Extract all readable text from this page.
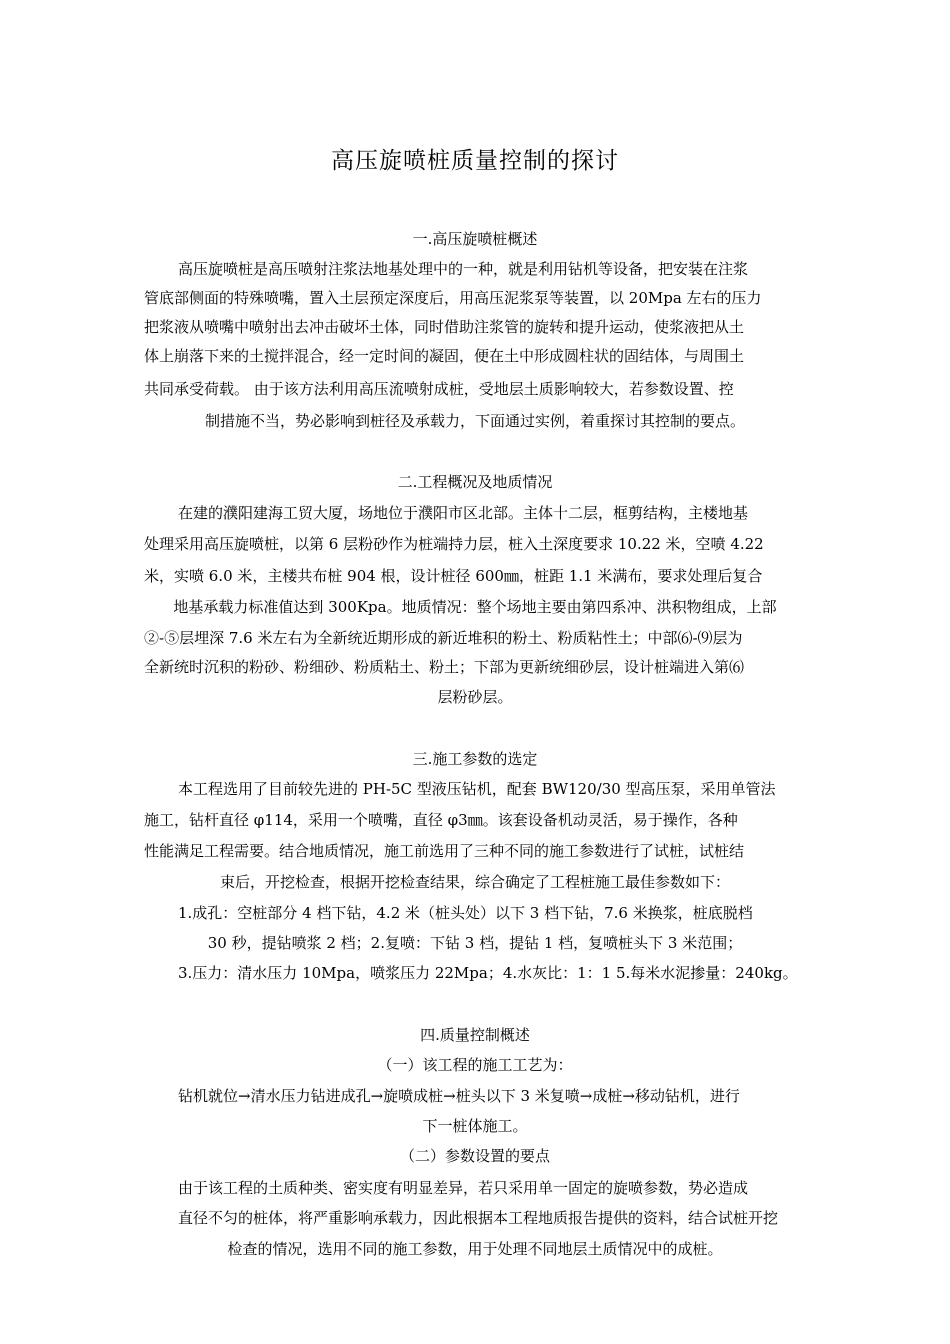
高压旋喷桩质量控制的探讨
一.高压旋喷桩概述
高压旋喷桩是高压喷射注浆法地基处理中的一种，就是利用钻机等设备，把安装在注浆
管底部侧面的特殊喷嘴，置入土层预定深度后，用高压泥浆泵等装置，以 20Mpa 左右的压力
把浆液从喷嘴中喷射出去冲击破坏土体，同时借助注浆管的旋转和提升运动，使浆液把从土
体上崩落下来的土搅拌混合，经一定时间的凝固，便在土中形成圆柱状的固结体，与周围土
共同承受荷载。 由于该方法利用高压流喷射成桩，受地层土质影响较大，若参数设置、控
制措施不当，势必影响到桩径及承载力，下面通过实例，着重探讨其控制的要点。
二.工程概况及地质情况
在建的濮阳建海工贸大厦，场地位于濮阳市区北部。主体十二层，框剪结构，主楼地基
处理采用高压旋喷桩，以第 6 层粉砂作为桩端持力层，桩入土深度要求 10.22 米，空喷 4.22
米，实喷 6.0 米，主楼共布桩 904 根，设计桩径 600㎜，桩距 1.1 米满布，要求处理后复合
地基承载力标准值达到 300Kpa。地质情况：整个场地主要由第四系冲、洪积物组成，上部
②-⑤层埋深 7.6 米左右为全新统近期形成的新近堆积的粉土、粉质粘性土；中部⑹-⑼层为
全新统时沉积的粉砂、粉细砂、粉质粘土、粉土；下部为更新统细砂层，设计桩端进入第⑹
层粉砂层。
三.施工参数的选定
本工程选用了目前较先进的 PH-5C 型液压钻机，配套 BW120/30 型高压泵，采用单管法
施工，钻杆直径 φ114，采用一个喷嘴，直径 φ3㎜。该套设备机动灵活，易于操作，各种
性能满足工程需要。结合地质情况，施工前选用了三种不同的施工参数进行了试桩，试桩结
束后，开挖检查，根据开挖检查结果，综合确定了工程桩施工最佳参数如下：
1.成孔：空桩部分 4 档下钻，4.2 米（桩头处）以下 3 档下钻，7.6 米换浆，桩底脱档
30 秒，提钻喷浆 2 档；2.复喷：下钻 3 档，提钻 1 档，复喷桩头下 3 米范围；
3.压力：清水压力 10Mpa，喷浆压力 22Mpa；4.水灰比：1：1 5.每米水泥掺量：240kg。
四.质量控制概述
（一）该工程的施工工艺为：
钻机就位→清水压力钻进成孔→旋喷成桩→桩头以下 3 米复喷→成桩→移动钻机，进行
下一桩体施工。
（二）参数设置的要点
由于该工程的土质种类、密实度有明显差异，若只采用单一固定的旋喷参数，势必造成
直径不匀的桩体，将严重影响承载力，因此根据本工程地质报告提供的资料，结合试桩开挖
检查的情况，选用不同的施工参数，用于处理不同地层土质情况中的成桩。
